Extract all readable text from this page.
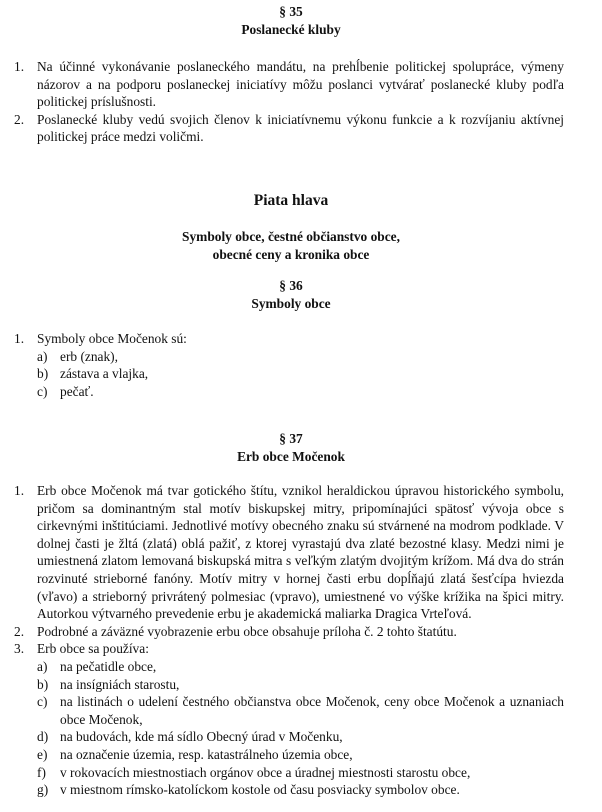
§ 35
Poslanecké kluby
1. Na účinné vykonávanie poslaneckého mandátu, na prehĺbenie politickej spolupráce, výmeny názorov a na podporu poslaneckej iniciatívy môžu poslanci vytvárať poslanecké kluby podľa politickej príslušnosti.
2. Poslanecké kluby vedú svojich členov k iniciatívnemu výkonu funkcie a k rozvíjaniu aktívnej politickej práce medzi voličmi.
Piata hlava
Symboly obce, čestné občianstvo obce,
obecné ceny a kronika obce
§ 36
Symboly obce
1. Symboly obce Močenok sú:
a) erb (znak),
b) zástava a vlajka,
c) pečať.
§ 37
Erb obce Močenok
1. Erb obce Močenok má tvar gotického štítu, vznikol heraldickou úpravou historického symbolu, pričom sa dominantným stal motív biskupskej mitry, pripomínajúci spätosť vývoja obce s cirkevnými inštitúciami. Jednotlivé motívy obecného znaku sú stvárnené na modrom podklade. V dolnej časti je žltá (zlatá) oblá pažiť, z ktorej vyrastajú dva zlaté bezostné klasy. Medzi nimi je umiestnená zlatom lemovaná biskupská mitra s veľkým zlatým dvojitým krížom. Má dva do strán rozvinuté strieborné fanóny. Motív mitry v hornej časti erbu dopĺňajú zlatá šesťcípa hviezda (vľavo) a strieborný privrátený polmesiac (vpravo), umiestnené vo výške krížika na špici mitry. Autorkou výtvarného prevedenie erbu je akademická maliarka Dragica Vrteľová.
2. Podrobné a záväzné vyobrazenie erbu obce obsahuje príloha č. 2 tohto štatútu.
3. Erb obce sa používa:
a) na pečatidle obce,
b) na insígniách starostu,
c) na listinách o udelení čestného občianstva obce Močenok, ceny obce Močenok a uznaniach obce Močenok,
d) na budovách, kde má sídlo Obecný úrad v Močenku,
e) na označenie územia, resp. katastrálneho územia obce,
f) v rokovacích miestnostiach orgánov obce a úradnej miestnosti starostu obce,
g) v miestnom rímsko-katolíckom kostole od času posviacky symbolov obce.
